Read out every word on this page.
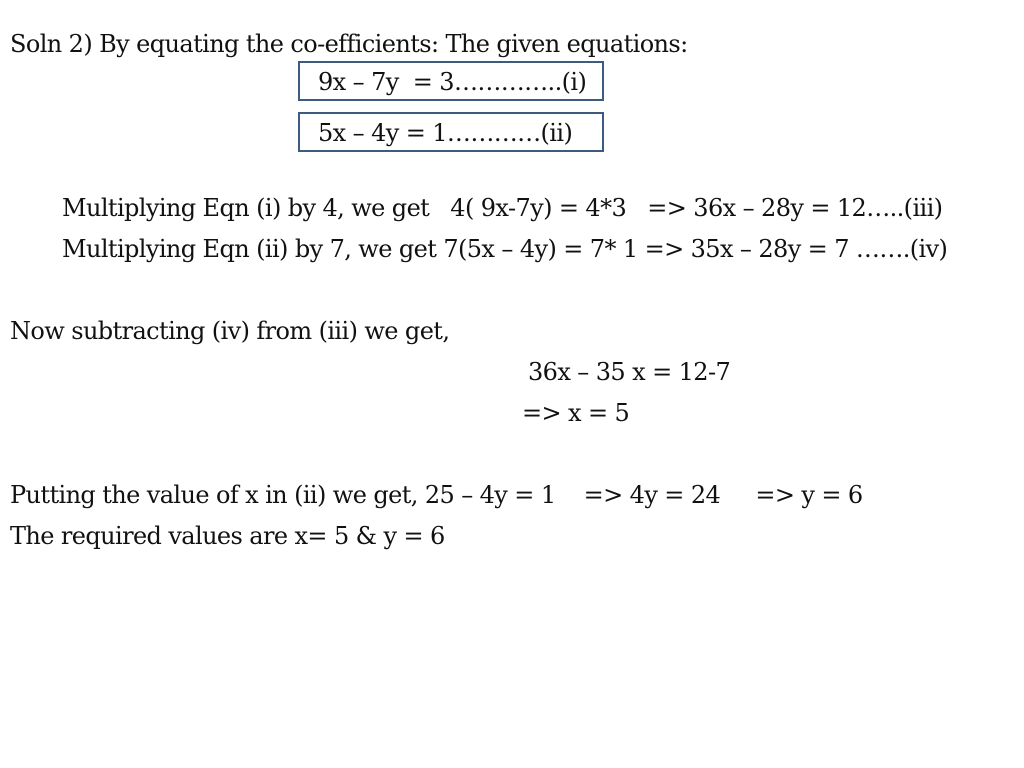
Soln 2) By equating the co-efficients: The given equations:
9x – 7y  = 3…………..(i)
5x – 4y = 1…………(ii)
Multiplying Eqn (i) by 4, we get   4( 9x-7y) = 4*3   => 36x – 28y = 12…..(iii)
Multiplying Eqn (ii) by 7, we get 7(5x – 4y) = 7* 1 => 35x – 28y = 7 …….(iv)
Now subtracting (iv) from (iii) we get,
36x – 35 x = 12-7
=> x = 5
Putting the value of x in (ii) we get, 25 – 4y = 1    => 4y = 24     => y = 6
The required values are x= 5 & y = 6
